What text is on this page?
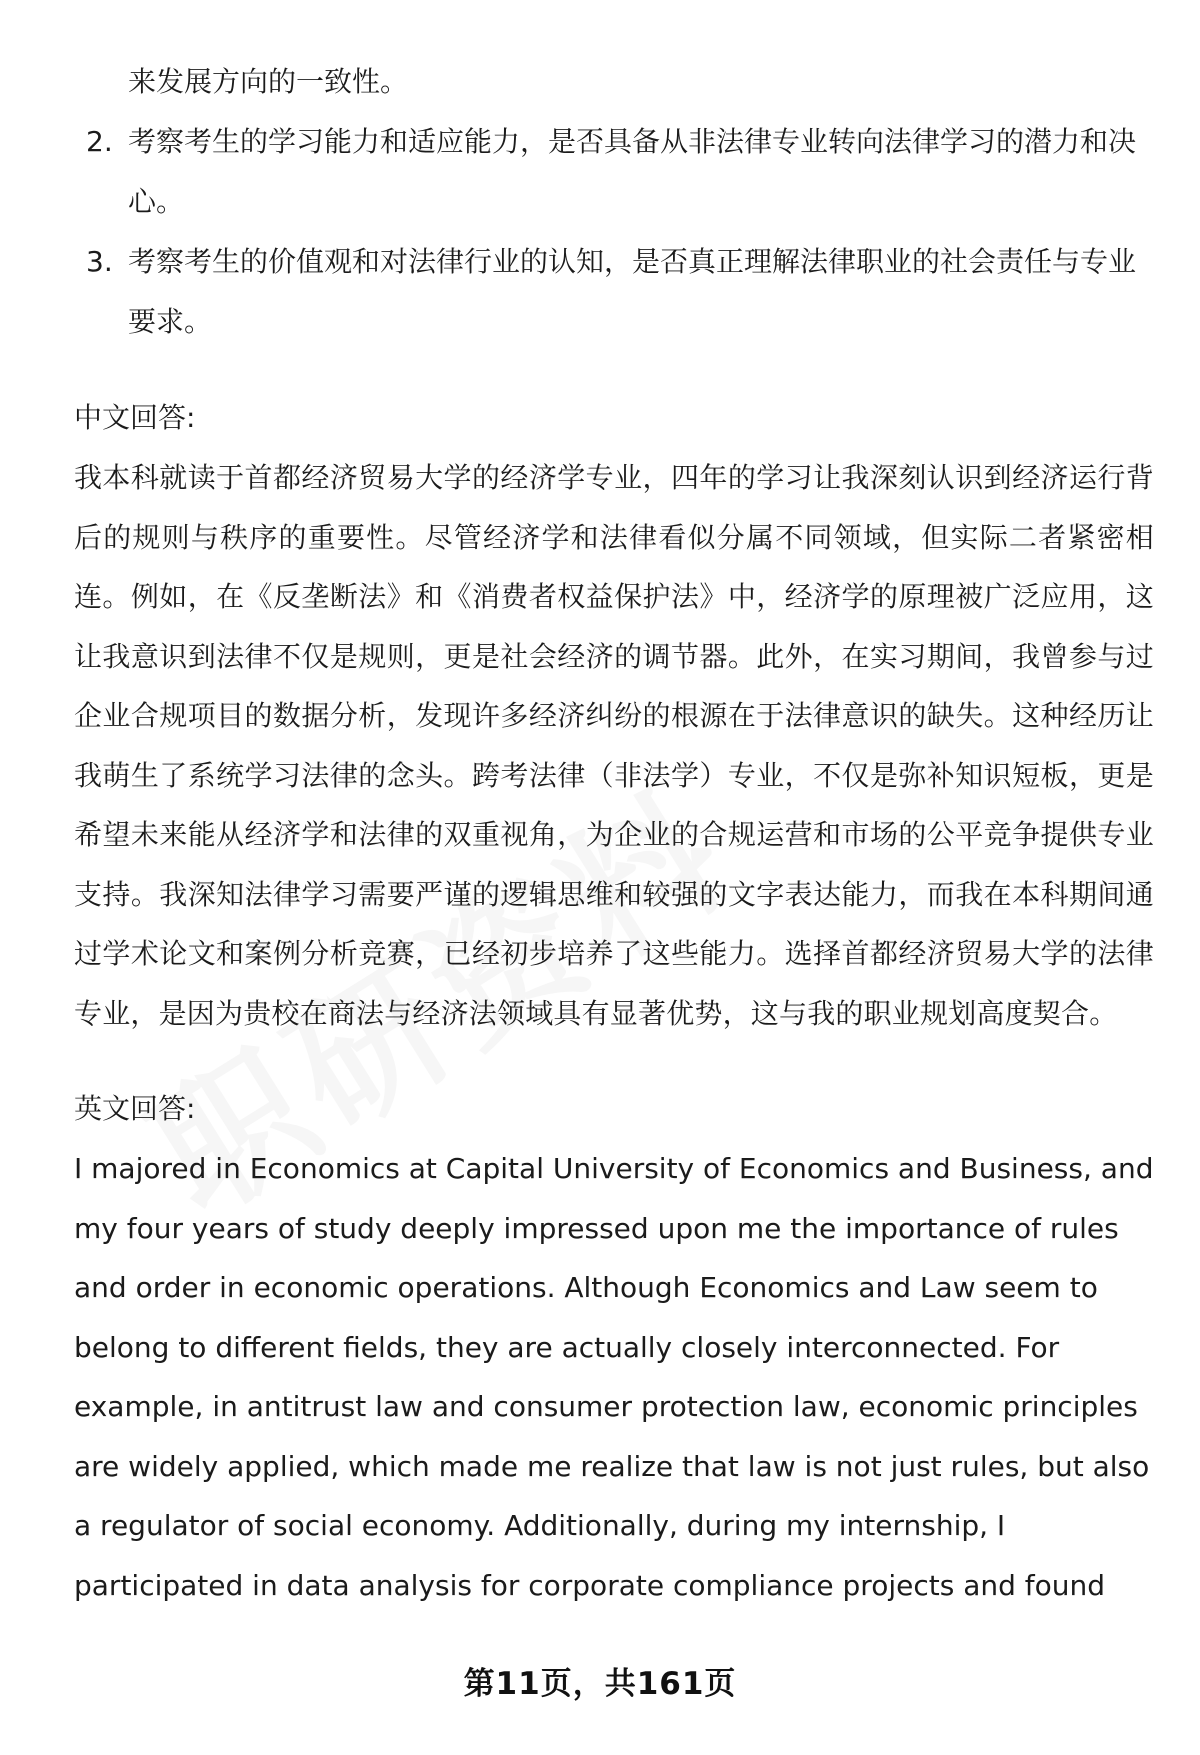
来发展方向的一致性。

2. 考察考生的学习能力和适应能力，是否具备从非法律专业转向法律学习的潜力和决心。

3. 考察考生的价值观和对法律行业的认知，是否真正理解法律职业的社会责任与专业要求。

中文回答:

我本科就读于首都经济贸易大学的经济学专业，四年的学习让我深刻认识到经济运行背后的规则与秩序的重要性。尽管经济学和法律看似分属不同领域，但实际二者紧密相连。例如，在《反垄断法》和《消费者权益保护法》中，经济学的原理被广泛应用，这让我意识到法律不仅是规则，更是社会经济的调节器。此外，在实习期间，我曾参与过企业合规项目的数据分析，发现许多经济纠纷的根源在于法律意识的缺失。这种经历让我萌生了系统学习法律的念头。跨考法律（非法学）专业，不仅是弥补知识短板，更是希望未来能从经济学和法律的双重视角，为企业的合规运营和市场的公平竞争提供专业支持。我深知法律学习需要严谨的逻辑思维和较强的文字表达能力，而我在本科期间通过学术论文和案例分析竞赛，已经初步培养了这些能力。选择首都经济贸易大学的法律专业，是因为贵校在商法与经济法领域具有显著优势，这与我的职业规划高度契合。

英文回答:

I majored in Economics at Capital University of Economics and Business, and my four years of study deeply impressed upon me the importance of rules and order in economic operations. Although Economics and Law seem to belong to different fields, they are actually closely interconnected. For example, in antitrust law and consumer protection law, economic principles are widely applied, which made me realize that law is not just rules, but also a regulator of social economy. Additionally, during my internship, I participated in data analysis for corporate compliance projects and found

第11页，共161页
